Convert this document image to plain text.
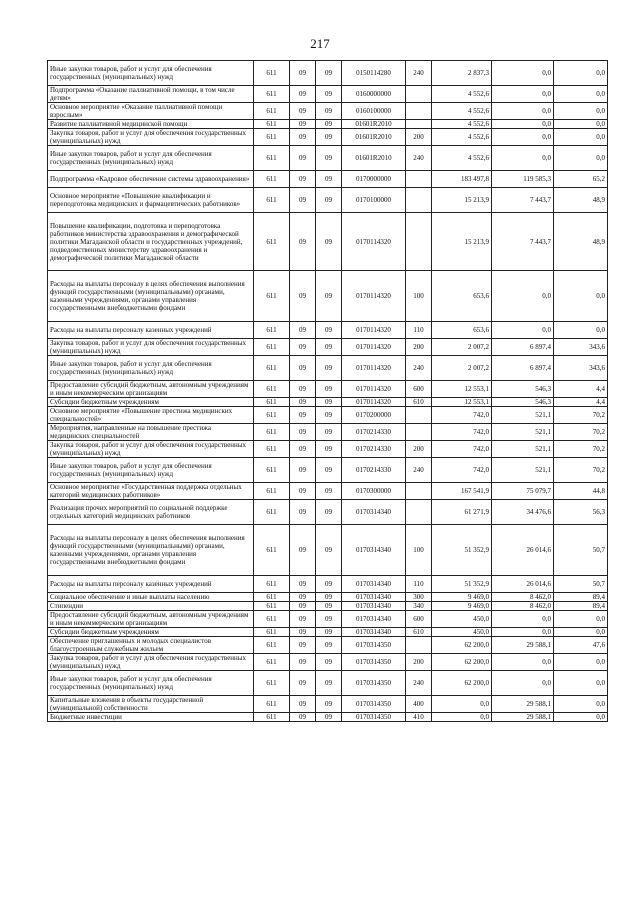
217
Иные закупки товаров, работ и услуг для обеспечения государственных (муниципальных) нужд	611	09	09	0150114280	240	2 837,3	0,0	0,0
Подпрограмма «Оказание паллиативной помощи, в том числе детям»	611	09	09	0160000000		4 552,6	0,0	0,0
Основное мероприятие «Оказание паллиативной помощи взрослым»	611	09	09	0160100000		4 552,6	0,0	0,0
Развитие паллиативной медицинской помощи	611	09	09	01601R2010		4 552,6	0,0	0,0
Закупка товаров, работ и услуг для обеспечения государственных (муниципальных) нужд	611	09	09	01601R2010	200	4 552,6	0,0	0,0
Иные закупки товаров, работ и услуг для обеспечения государственных (муниципальных) нужд	611	09	09	01601R2010	240	4 552,6	0,0	0,0
Подпрограмма «Кадровое обеспечение системы здравоохранения»	611	09	09	0170000000		183 497,8	119 585,3	65,2
Основное мероприятие «Повышение квалификации и переподготовка медицинских и фармацевтических работников»	611	09	09	0170100000		15 213,9	7 443,7	48,9
Повышение квалификации, подготовка и переподготовка работников министерства здравоохранения и демографической политики Магаданской области и государственных учреждений, подведомственных министерству здравоохранения и демографической политики Магаданской области	611	09	09	0170114320		15 213,9	7 443,7	48,9
Расходы на выплаты персоналу в целях обеспечения выполнения функций государственными (муниципальными) органами, казенными учреждениями, органами управления государственными внебюджетными фондами	611	09	09	0170114320	100	653,6	0,0	0,0
Расходы на выплаты персоналу казенных учреждений	611	09	09	0170114320	110	653,6	0,0	0,0
Закупка товаров, работ и услуг для обеспечения государственных (муниципальных) нужд	611	09	09	0170114320	200	2 007,2	6 897,4	343,6
Иные закупки товаров, работ и услуг для обеспечения государственных (муниципальных) нужд	611	09	09	0170114320	240	2 007,2	6 897,4	343,6
Предоставление субсидий бюджетным, автономным учреждениям и иным некоммерческим организациям	611	09	09	0170114320	600	12 553,1	546,3	4,4
Субсидии бюджетным учреждениям	611	09	09	0170114320	610	12 553,1	546,3	4,4
Основное мероприятие «Повышение престижа медицинских специальностей»	611	09	09	0170200000		742,0	521,1	70,2
Мероприятия, направленные на повышение престижа медицинских специальностей	611	09	09	0170214330		742,0	521,1	70,2
Закупка товаров, работ и услуг для обеспечения государственных (муниципальных) нужд	611	09	09	0170214330	200	742,0	521,1	70,2
Иные закупки товаров, работ и услуг для обеспечения государственных (муниципальных) нужд	611	09	09	0170214330	240	742,0	521,1	70,2
Основное мероприятие «Государственная поддержка отдельных категорий медицинских работников»	611	09	09	0170300000		167 541,9	75 079,7	44,8
Реализация прочих мероприятий по социальной поддержке отдельных категорий медицинских работников	611	09	09	0170314340		61 271,9	34 476,6	56,3
Расходы на выплаты персоналу в целях обеспечения выполнения функций государственными (муниципальными) органами, казенными учреждениями, органами управления государственными внебюджетными фондами	611	09	09	0170314340	100	51 352,9	26 014,6	50,7
Расходы на выплаты персоналу казенных учреждений	611	09	09	0170314340	110	51 352,9	26 014,6	50,7
Социальное обеспечение и иные выплаты населению	611	09	09	0170314340	300	9 469,0	8 462,0	89,4
Стипендии	611	09	09	0170314340	340	9 469,0	8 462,0	89,4
Предоставление субсидий бюджетным, автономным учреждениям и иным некоммерческим организациям	611	09	09	0170314340	600	450,0	0,0	0,0
Субсидии бюджетным учреждениям	611	09	09	0170314340	610	450,0	0,0	0,0
Обеспечение приглашенных и молодых специалистов благоустроенным служебным жильем	611	09	09	0170314350		62 200,0	29 588,1	47,6
Закупка товаров, работ и услуг для обеспечения государственных (муниципальных) нужд	611	09	09	0170314350	200	62 200,0	0,0	0,0
Иные закупки товаров, работ и услуг для обеспечения государственных (муниципальных) нужд	611	09	09	0170314350	240	62 200,0	0,0	0,0
Капитальные вложения в объекты государственной (муниципальной) собственности	611	09	09	0170314350	400	0,0	29 588,1	0,0
Бюджетные инвестиции	611	09	09	0170314350	410	0,0	29 588,1	0,0
